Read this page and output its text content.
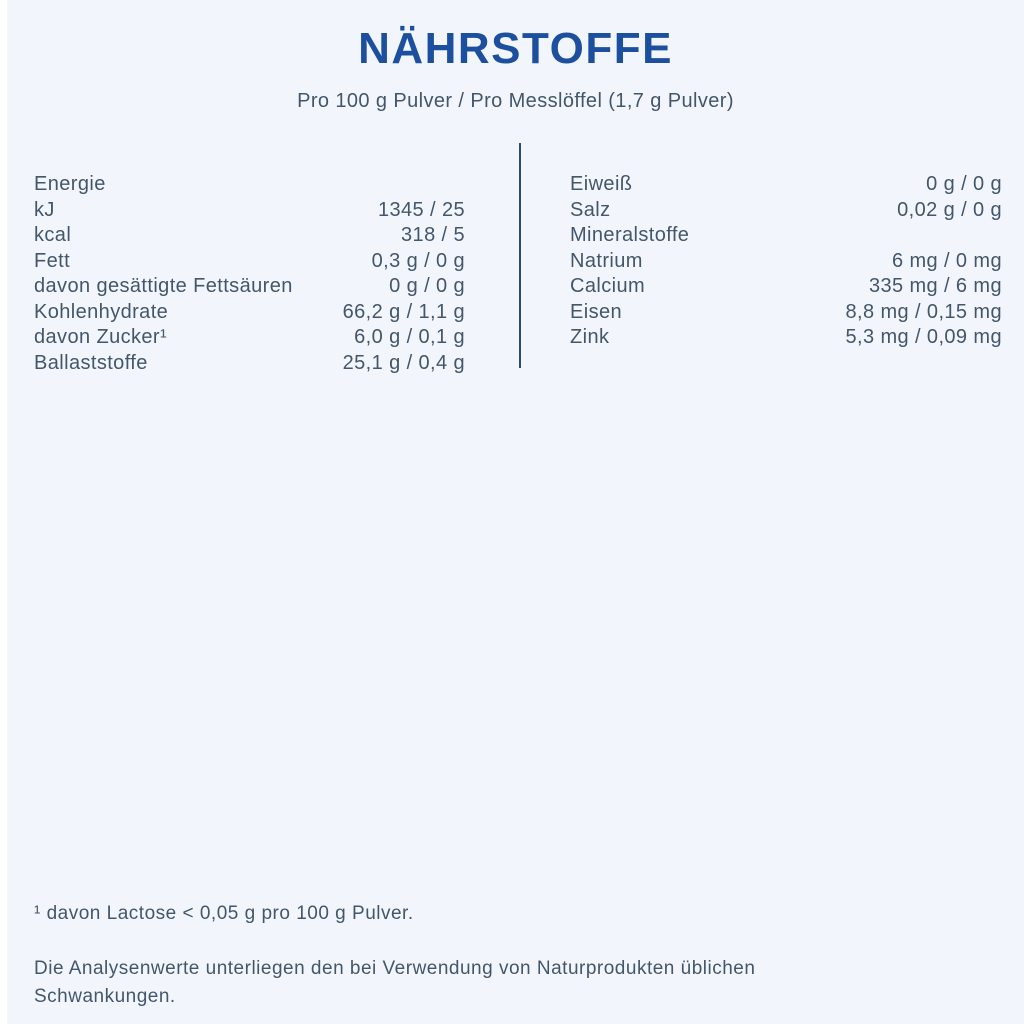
NÄHRSTOFFE
Pro 100 g Pulver / Pro Messlöffel (1,7 g Pulver)
Energie
kJ	1345 / 25
kcal	318 / 5
Fett	0,3 g / 0 g
davon gesättigte Fettsäuren	0 g / 0 g
Kohlenhydrate	66,2 g / 1,1 g
davon Zucker¹	6,0 g / 0,1 g
Ballaststoffe	25,1 g / 0,4 g
Eiweiß	0 g / 0 g
Salz	0,02 g / 0 g
Mineralstoffe
Natrium	6 mg / 0 mg
Calcium	335 mg / 6 mg
Eisen	8,8 mg / 0,15 mg
Zink	5,3 mg / 0,09 mg
¹ davon Lactose < 0,05 g pro 100 g Pulver.
Die Analysenwerte unterliegen den bei Verwendung von Naturprodukten üblichen Schwankungen.
